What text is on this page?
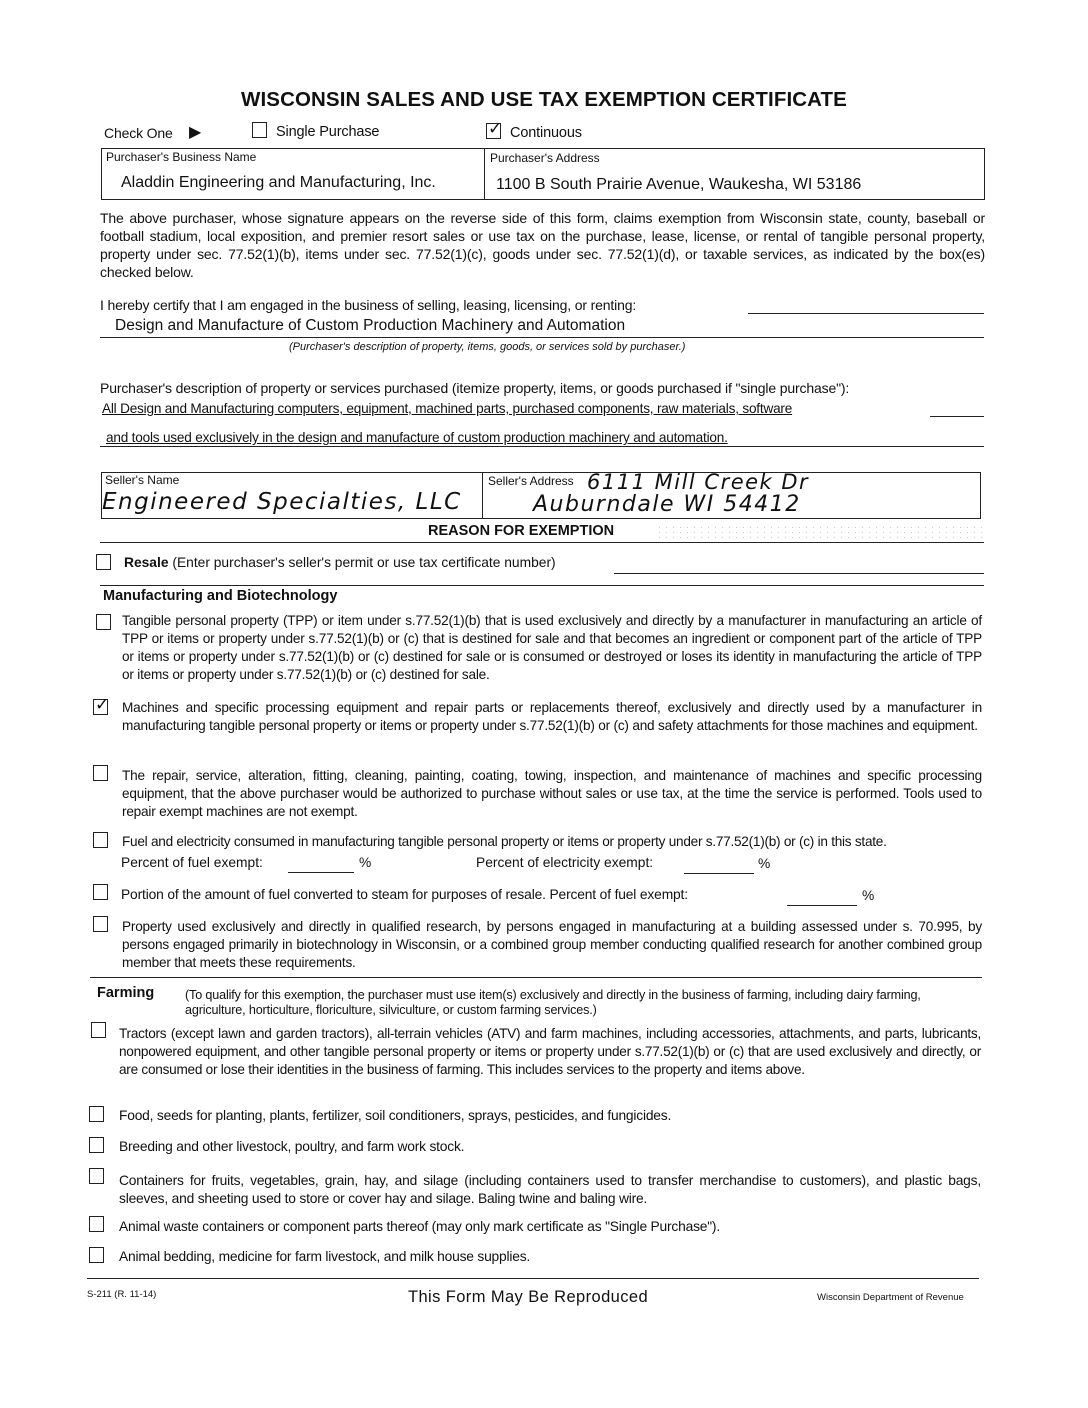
WISCONSIN SALES AND USE TAX EXEMPTION CERTIFICATE
Check One ▶	Single Purchase	✓ Continuous
Purchaser's Business Name
Aladdin Engineering and Manufacturing, Inc.
Purchaser's Address
1100 B South Prairie Avenue, Waukesha, WI 53186
The above purchaser, whose signature appears on the reverse side of this form, claims exemption from Wisconsin state, county, baseball or football stadium, local exposition, and premier resort sales or use tax on the purchase, lease, license, or rental of tangible personal property, property under sec. 77.52(1)(b), items under sec. 77.52(1)(c), goods under sec. 77.52(1)(d), or taxable services, as indicated by the box(es) checked below.
I hereby certify that I am engaged in the business of selling, leasing, licensing, or renting:
Design and Manufacture of Custom Production Machinery and Automation
(Purchaser's description of property, items, goods, or services sold by purchaser.)
Purchaser's description of property or services purchased (itemize property, items, or goods purchased if "single purchase"):
All Design and Manufacturing computers, equipment, machined parts, purchased components, raw materials, software
and tools used exclusively in the design and manufacture of custom production machinery and automation.
Seller's Name
Engineered Specialties, LLC
Seller's Address 6111 Mill Creek Dr
Auburndale WI 54412
REASON FOR EXEMPTION
Resale (Enter purchaser's seller's permit or use tax certificate number)
Manufacturing and Biotechnology
Tangible personal property (TPP) or item under s.77.52(1)(b) that is used exclusively and directly by a manufacturer in manufacturing an article of TPP or items or property under s.77.52(1)(b) or (c) that is destined for sale and that becomes an ingredient or component part of the article of TPP or items or property under s.77.52(1)(b) or (c) destined for sale or is consumed or destroyed or loses its identity in manufacturing the article of TPP or items or property under s.77.52(1)(b) or (c) destined for sale.
✓ Machines and specific processing equipment and repair parts or replacements thereof, exclusively and directly used by a manufacturer in manufacturing tangible personal property or items or property under s.77.52(1)(b) or (c) and safety attachments for those machines and equipment.
The repair, service, alteration, fitting, cleaning, painting, coating, towing, inspection, and maintenance of machines and specific processing equipment, that the above purchaser would be authorized to purchase without sales or use tax, at the time the service is performed. Tools used to repair exempt machines are not exempt.
Fuel and electricity consumed in manufacturing tangible personal property or items or property under s.77.52(1)(b) or (c) in this state.
Percent of fuel exempt:	%	Percent of electricity exempt:	%
Portion of the amount of fuel converted to steam for purposes of resale. Percent of fuel exempt:	%
Property used exclusively and directly in qualified research, by persons engaged in manufacturing at a building assessed under s. 70.995, by persons engaged primarily in biotechnology in Wisconsin, or a combined group member conducting qualified research for another combined group member that meets these requirements.
Farming (To qualify for this exemption, the purchaser must use item(s) exclusively and directly in the business of farming, including dairy farming, agriculture, horticulture, floriculture, silviculture, or custom farming services.)
Tractors (except lawn and garden tractors), all-terrain vehicles (ATV) and farm machines, including accessories, attachments, and parts, lubricants, nonpowered equipment, and other tangible personal property or items or property under s.77.52(1)(b) or (c) that are used exclusively and directly, or are consumed or lose their identities in the business of farming. This includes services to the property and items above.
Food, seeds for planting, plants, fertilizer, soil conditioners, sprays, pesticides, and fungicides.
Breeding and other livestock, poultry, and farm work stock.
Containers for fruits, vegetables, grain, hay, and silage (including containers used to transfer merchandise to customers), and plastic bags, sleeves, and sheeting used to store or cover hay and silage. Baling twine and baling wire.
Animal waste containers or component parts thereof (may only mark certificate as "Single Purchase").
Animal bedding, medicine for farm livestock, and milk house supplies.
S-211 (R. 11-14)	This Form May Be Reproduced	Wisconsin Department of Revenue
